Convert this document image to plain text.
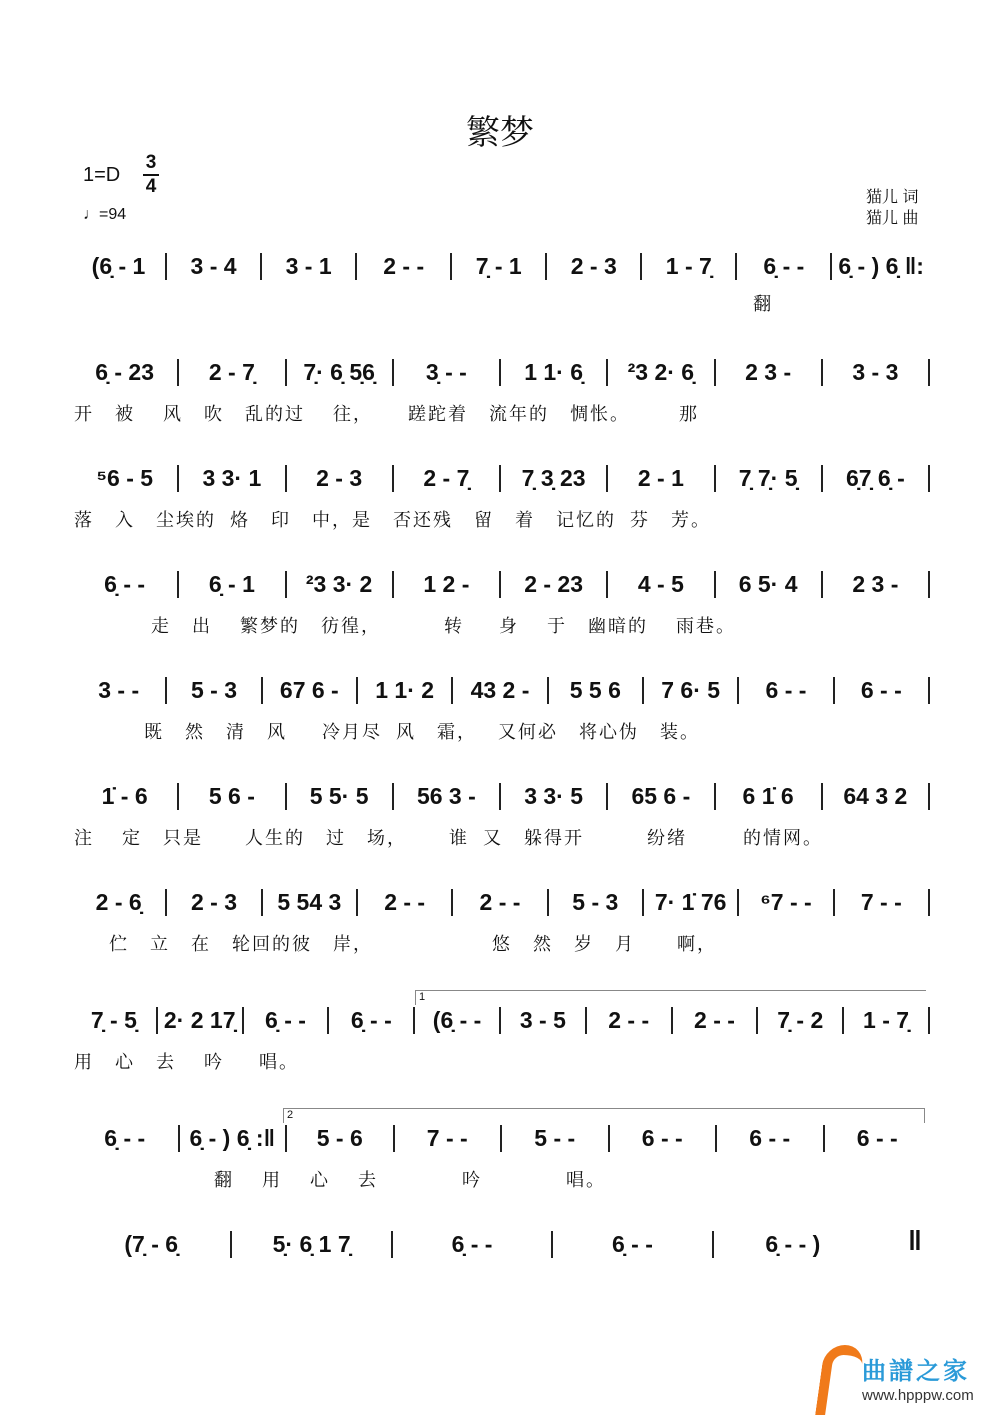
繁梦
1=D
3
4
♩=94
猫儿 词
猫儿 曲
(6̣ - 1	3 - 4	3 - 1	2 - -	7̣ - 1	2 - 3	1 - 7̣	6̣ - -	6̣ - ) 6̣ ‖:
翻
6̣ - 23	2 - 7̣	7̣· 6̣ 5̣6̣	3̣ - -	1 1· 6̣	²3 2· 6̣	2 3 -	3 - 3
开   被    风   吹   乱的过    往，     蹉跎着   流年的   惆怅。       那
⁵6 - 5	3 3· 1	2 - 3	2 - 7̣	7̣ 3̣ 23	2 - 1	7̣ 7̣· 5̣	6̣7̣ 6̣ -
落   入   尘埃的  烙   印   中，是   否还残   留   着   记忆的  芬   芳。
6̣ - -	6̣ - 1	²3 3· 2	1 2 -	2 - 23	4 - 5	6 5· 4	2 3 -
走   出    繁梦的   彷徨，         转     身    于   幽暗的    雨巷。
3 - -	5 - 3	67 6 -	1 1· 2	43 2 -	5 5 6	7 6· 5	6 - -	6 - -
既   然   清   风     冷月尽  风   霜，   又何必   将心伪   装。
1̇ - 6	5 6 -	5 5· 5	56 3 -	3 3· 5	65 6 -	6 1̇ 6	64 3 2
注    定   只是      人生的   过   场，      谁  又   躲得开         纷绪        的情网。
2 - 6̣	2 - 3	5 54 3	2 - -	2 - -	5 - 3	7· 1̇ 76	⁶7 - -	7 - -
伫   立   在   轮回的彼   岸，                 悠   然   岁   月      啊，
7̣ - 5̣	2· 2 17̣	6̣ - -	6̣ - -	(6̣ - -	3 - 5	2 - -	2 - -	7̣ - 2	1 - 7̣
用   心   去    吟     唱。
1
6̣ - -	6̣ - ) 6̣ :‖	5 - 6	7 - -	5 - -	6 - -	6 - -	6 - -
翻    用    心    去            吟            唱。
2
(7̣ - 6̣	5̣· 6̣ 1 7̣	6̣ - -	6̣ - -	6̣ - - )	‖
曲譜之家
www.hpppw.com
